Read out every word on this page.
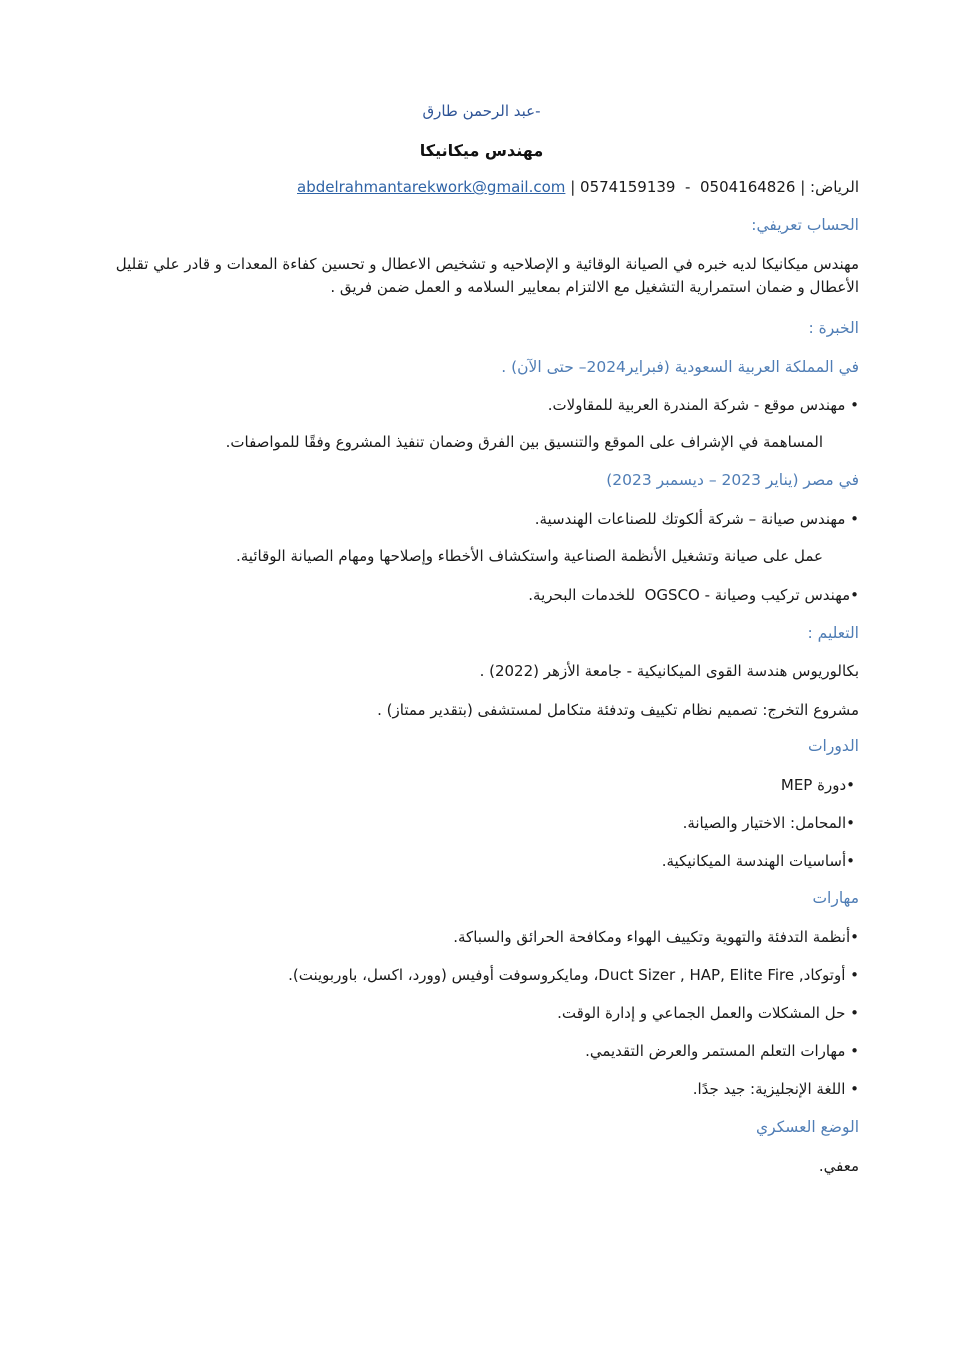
-عبد الرحمن طارق
مهندس ميكانيكا
الرياض: | 0574159139 - 0504164826 | abdelrahmantarekwork@gmail.com
الحساب تعريفي:
مهندس ميكانيكا لديه خبره في الصيانة الوقائية و الإصلاحيه و تشخيص الاعطال و تحسين كفاءة المعدات و قادر علي تقليل الأعطال و ضمان استمرارية التشغيل مع الالتزام بمعايير السلامه و العمل ضمن فريق .
الخبرة :
في المملكة العربية السعودية (فبراير2024– حتى الآن) .
• مهندس موقع - شركة المندرة العربية للمقاولات.
المساهمة في الإشراف على الموقع والتنسيق بين الفرق وضمان تنفيذ المشروع وفقًا للمواصفات.
في مصر (يناير 2023 – ديسمبر 2023)
• مهندس صيانة – شركة ألكوتك للصناعات الهندسية.
عمل على صيانة وتشغيل الأنظمة الصناعية واستكشاف الأخطاء وإصلاحها ومهام الصيانة الوقائية.
•مهندس تركيب وصيانة - OGSCO  للخدمات البحرية.
التعليم :
بكالوريوس هندسة القوى الميكانيكية - جامعة الأزهر (2022) .
مشروع التخرج: تصميم نظام تكييف وتدفئة متكامل لمستشفى (بتقدير ممتاز) .
الدورات
•دورة MEP
•المحامل: الاختيار والصيانة.
•أساسيات الهندسة الميكانيكية.
مهارات
•أنظمة التدفئة والتهوية وتكييف الهواء ومكافحة الحرائق والسباكة.
• أوتوكاد, Duct Sizer , HAP, Elite Fire، ومايكروسوفت أوفيس (وورد، اكسل، باوربوينت).
• حل المشكلات والعمل الجماعي و إدارة الوقت.
• مهارات التعلم المستمر والعرض التقديمي.
• اللغة الإنجليزية: جيد جدًا.
الوضع العسكري
معفي.
